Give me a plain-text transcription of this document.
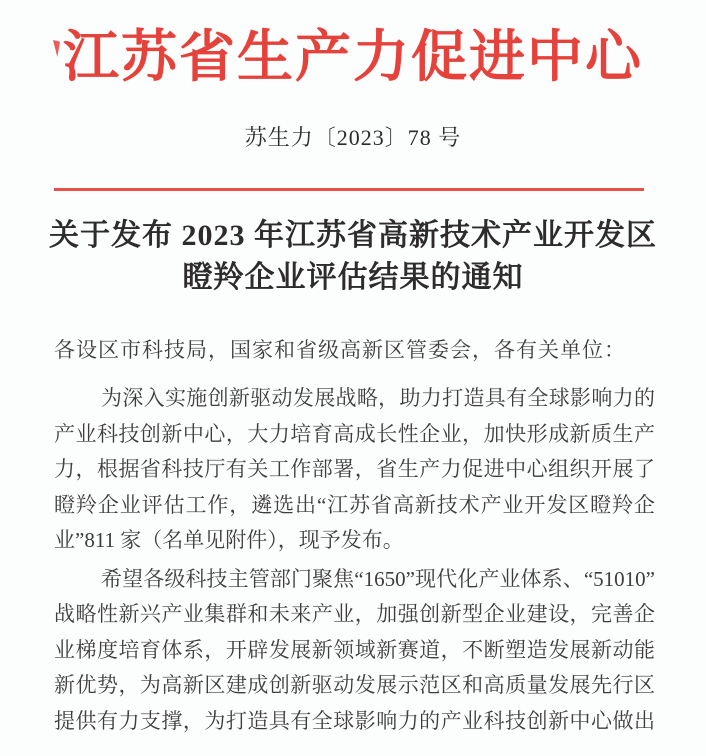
江苏省生产力促进中心
苏生力〔2023〕78 号
关于发布 2023 年江苏省高新技术产业开发区
瞪羚企业评估结果的通知
各设区市科技局，国家和省级高新区管委会，各有关单位：
为深入实施创新驱动发展战略，助力打造具有全球影响力的
产业科技创新中心，大力培育高成长性企业，加快形成新质生产
力，根据省科技厅有关工作部署，省生产力促进中心组织开展了
瞪羚企业评估工作，遴选出“江苏省高新技术产业开发区瞪羚企
业”811 家（名单见附件），现予发布。
希望各级科技主管部门聚焦“1650”现代化产业体系、“51010”
战略性新兴产业集群和未来产业，加强创新型企业建设，完善企
业梯度培育体系，开辟发展新领域新赛道，不断塑造发展新动能
新优势，为高新区建成创新驱动发展示范区和高质量发展先行区
提供有力支撑，为打造具有全球影响力的产业科技创新中心做出
